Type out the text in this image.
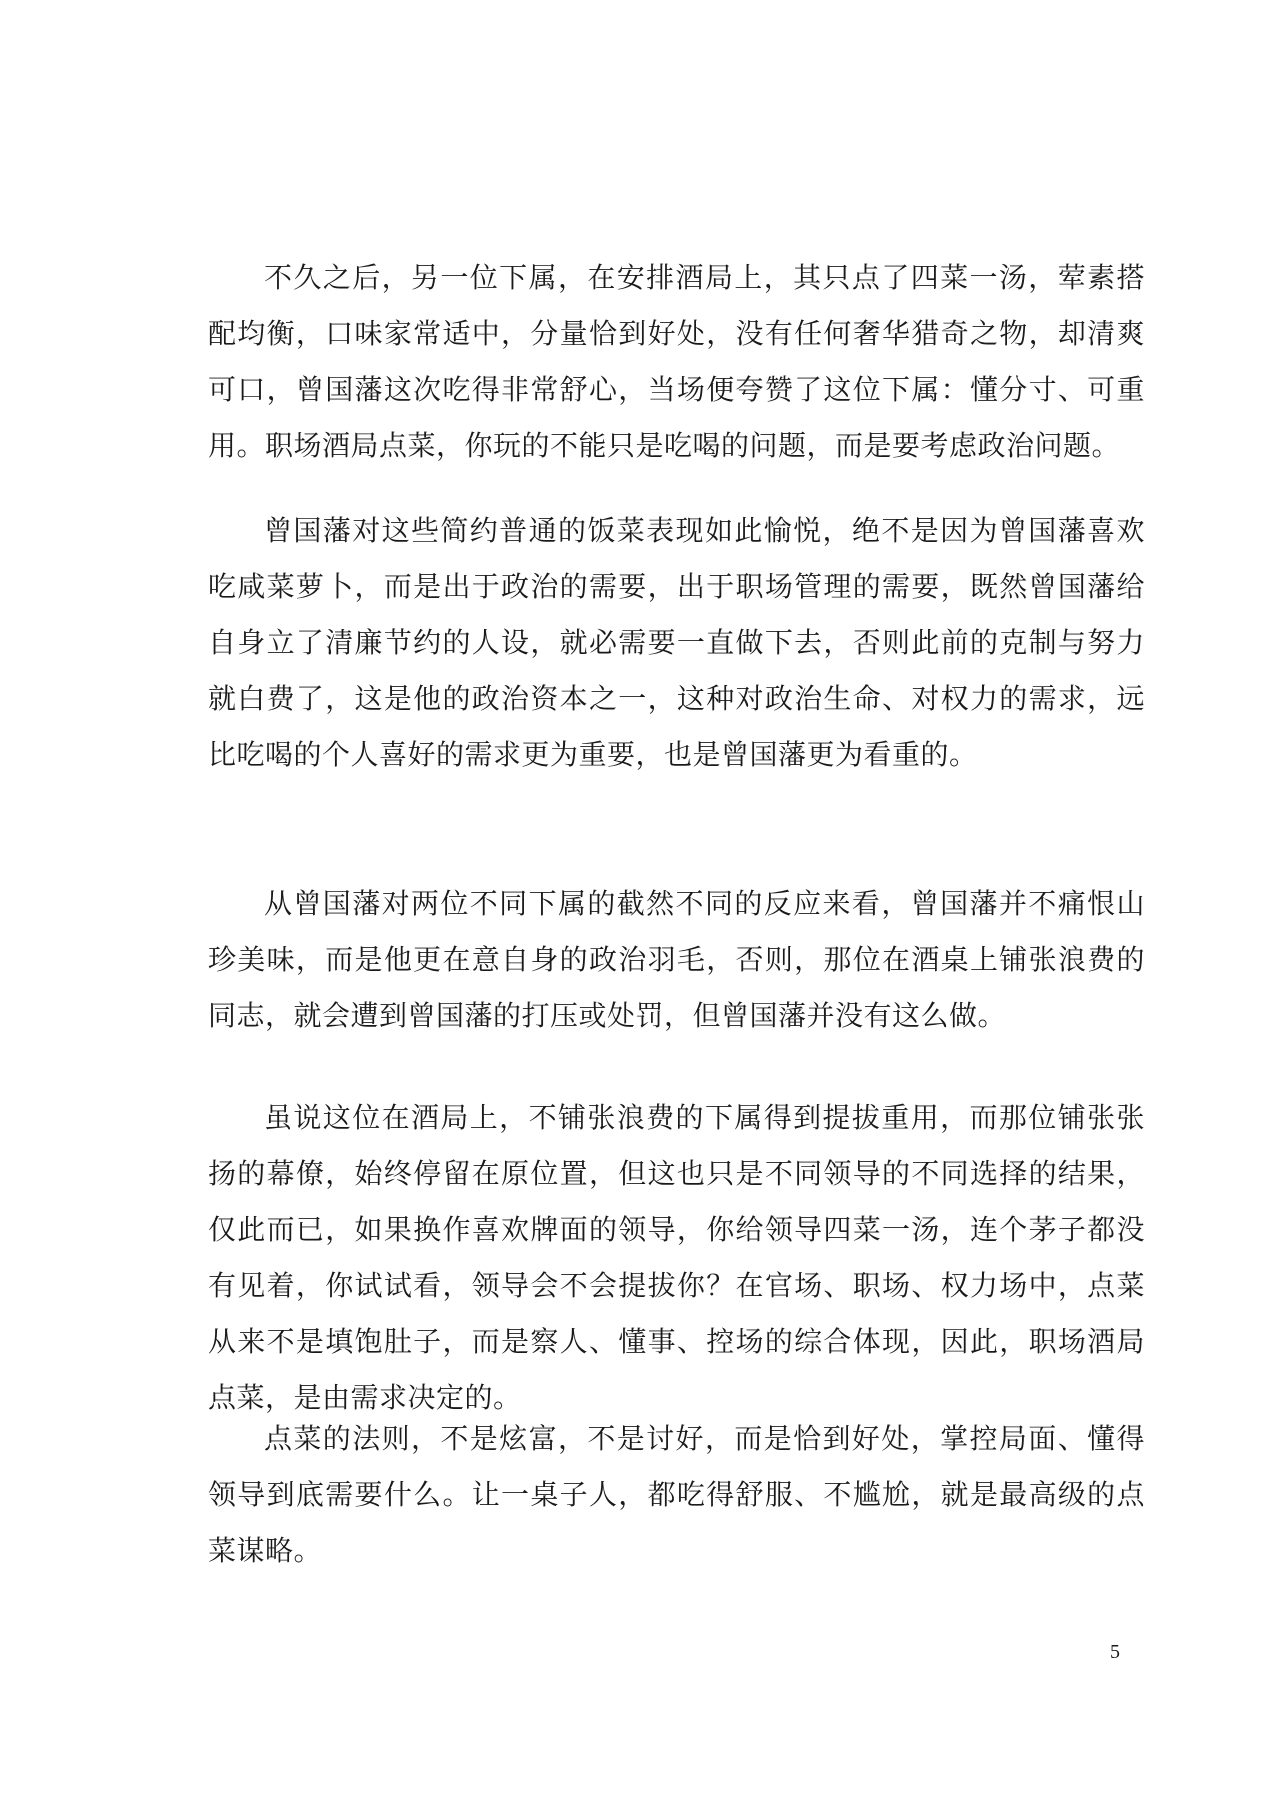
不久之后，另一位下属，在安排酒局上，其只点了四菜一汤，荤素搭配均衡，口味家常适中，分量恰到好处，没有任何奢华猎奇之物，却清爽可口，曾国藩这次吃得非常舒心，当场便夸赞了这位下属：懂分寸、可重用。职场酒局点菜，你玩的不能只是吃喝的问题，而是要考虑政治问题。

曾国藩对这些简约普通的饭菜表现如此愉悦，绝不是因为曾国藩喜欢吃咸菜萝卜，而是出于政治的需要，出于职场管理的需要，既然曾国藩给自身立了清廉节约的人设，就必需要一直做下去，否则此前的克制与努力就白费了，这是他的政治资本之一，这种对政治生命、对权力的需求，远比吃喝的个人喜好的需求更为重要，也是曾国藩更为看重的。

从曾国藩对两位不同下属的截然不同的反应来看，曾国藩并不痛恨山珍美味，而是他更在意自身的政治羽毛，否则，那位在酒桌上铺张浪费的同志，就会遭到曾国藩的打压或处罚，但曾国藩并没有这么做。

虽说这位在酒局上，不铺张浪费的下属得到提拔重用，而那位铺张张扬的幕僚，始终停留在原位置，但这也只是不同领导的不同选择的结果，仅此而已，如果换作喜欢牌面的领导，你给领导四菜一汤，连个茅子都没有见着，你试试看，领导会不会提拔你？在官场、职场、权力场中，点菜从来不是填饱肚子，而是察人、懂事、控场的综合体现，因此，职场酒局点菜，是由需求决定的。

点菜的法则，不是炫富，不是讨好，而是恰到好处，掌控局面、懂得领导到底需要什么。让一桌子人，都吃得舒服、不尴尬，就是最高级的点菜谋略。

5
